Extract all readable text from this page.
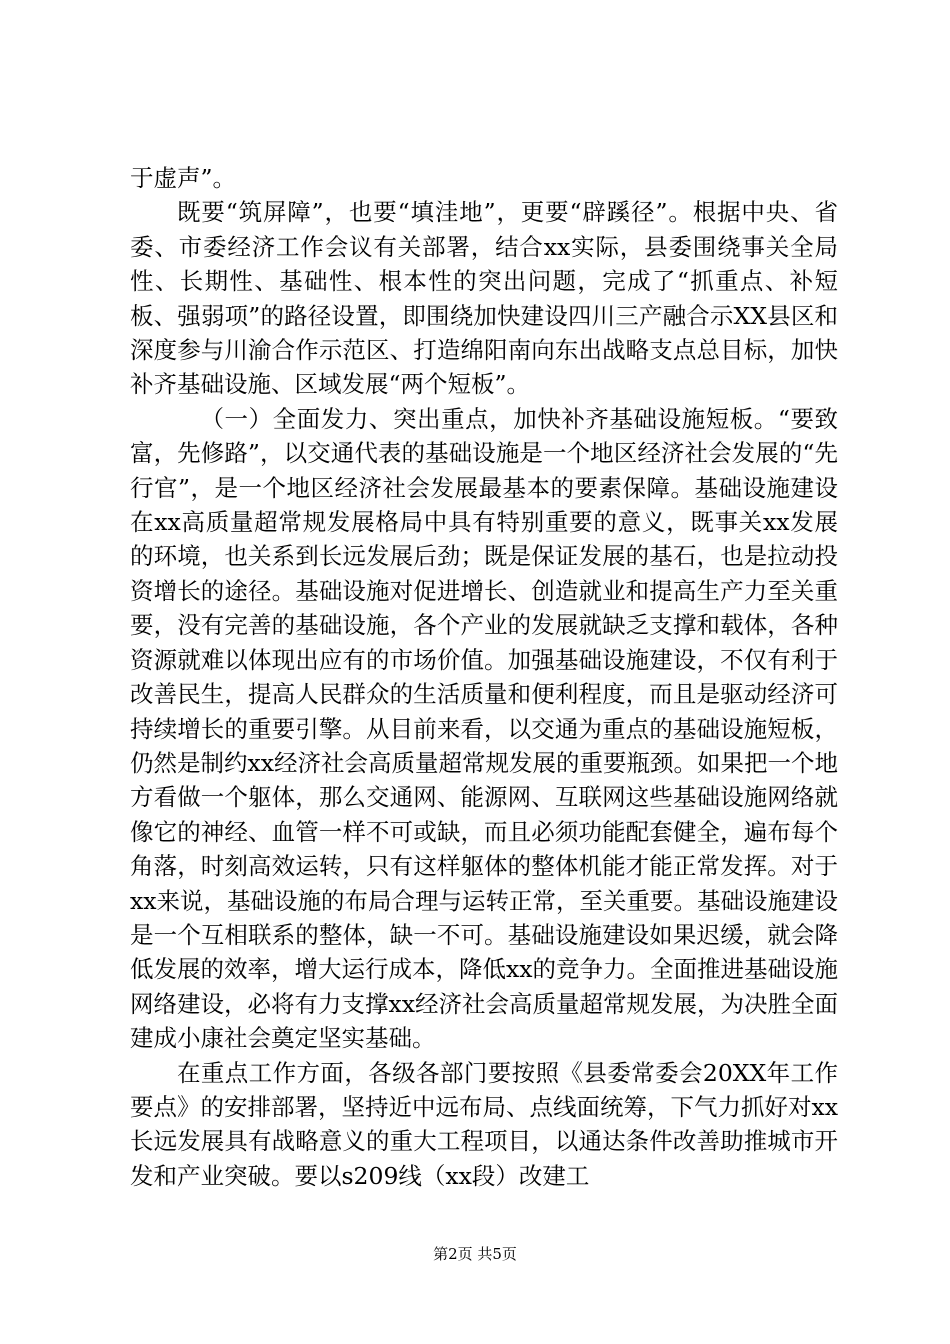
于虚声”。

既要“筑屏障”，也要“填洼地”，更要“辟蹊径”。根据中央、省委、市委经济工作会议有关部署，结合xx实际，县委围绕事关全局性、长期性、基础性、根本性的突出问题，完成了“抓重点、补短板、强弱项”的路径设置，即围绕加快建设四川三产融合示XX县区和深度参与川渝合作示范区、打造绵阳南向东出战略支点总目标，加快补齐基础设施、区域发展“两个短板”。

（一）全面发力、突出重点，加快补齐基础设施短板。“要致富，先修路”，以交通代表的基础设施是一个地区经济社会发展的“先行官”，是一个地区经济社会发展最基本的要素保障。基础设施建设在xx高质量超常规发展格局中具有特别重要的意义，既事关xx发展的环境，也关系到长远发展后劲；既是保证发展的基石，也是拉动投资增长的途径。基础设施对促进增长、创造就业和提高生产力至关重要，没有完善的基础设施，各个产业的发展就缺乏支撑和载体，各种资源就难以体现出应有的市场价值。加强基础设施建设，不仅有利于改善民生，提高人民群众的生活质量和便利程度，而且是驱动经济可持续增长的重要引擎。从目前来看，以交通为重点的基础设施短板，仍然是制约xx经济社会高质量超常规发展的重要瓶颈。如果把一个地方看做一个躯体，那么交通网、能源网、互联网这些基础设施网络就像它的神经、血管一样不可或缺，而且必须功能配套健全，遍布每个角落，时刻高效运转，只有这样躯体的整体机能才能正常发挥。对于xx来说，基础设施的布局合理与运转正常，至关重要。基础设施建设是一个互相联系的整体，缺一不可。基础设施建设如果迟缓，就会降低发展的效率，增大运行成本，降低xx的竞争力。全面推进基础设施网络建设，必将有力支撑xx经济社会高质量超常规发展，为决胜全面建成小康社会奠定坚实基础。

在重点工作方面，各级各部门要按照《县委常委会20XX年工作要点》的安排部署，坚持近中远布局、点线面统筹，下气力抓好对xx长远发展具有战略意义的重大工程项目，以通达条件改善助推城市开发和产业突破。要以s209线（xx段）改建工

第2页 共5页
